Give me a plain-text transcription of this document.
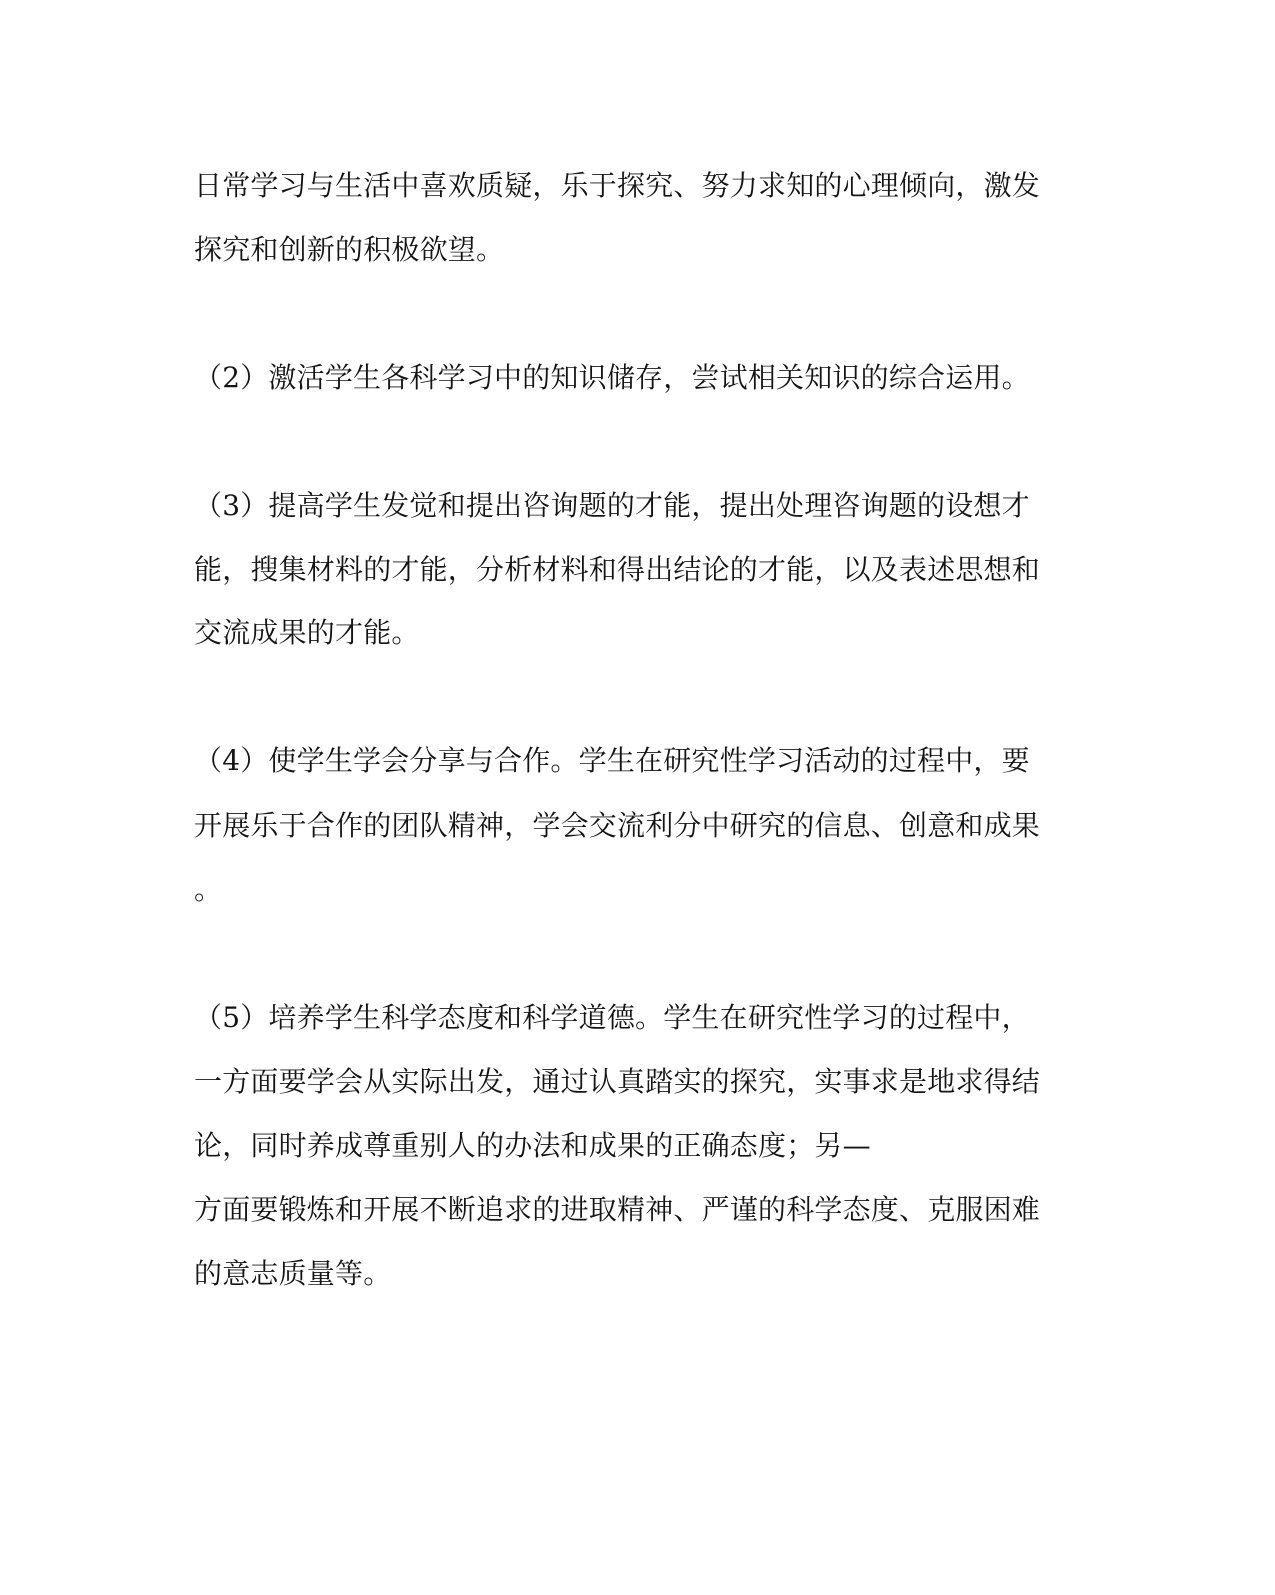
日常学习与生活中喜欢质疑，乐于探究、努力求知的心理倾向，激发
探究和创新的积极欲望。
（2）激活学生各科学习中的知识储存，尝试相关知识的综合运用。
（3）提高学生发觉和提出咨询题的才能，提出处理咨询题的设想才
能，搜集材料的才能，分析材料和得出结论的才能，以及表述思想和
交流成果的才能。
（4）使学生学会分享与合作。学生在研究性学习活动的过程中，要
开展乐于合作的团队精神，学会交流利分中研究的信息、创意和成果
。
（5）培养学生科学态度和科学道德。学生在研究性学习的过程中，
一方面要学会从实际出发，通过认真踏实的探究，实事求是地求得结
论，同时养成尊重别人的办法和成果的正确态度；另—
方面要锻炼和开展不断追求的进取精神、严谨的科学态度、克服困难
的意志质量等。
